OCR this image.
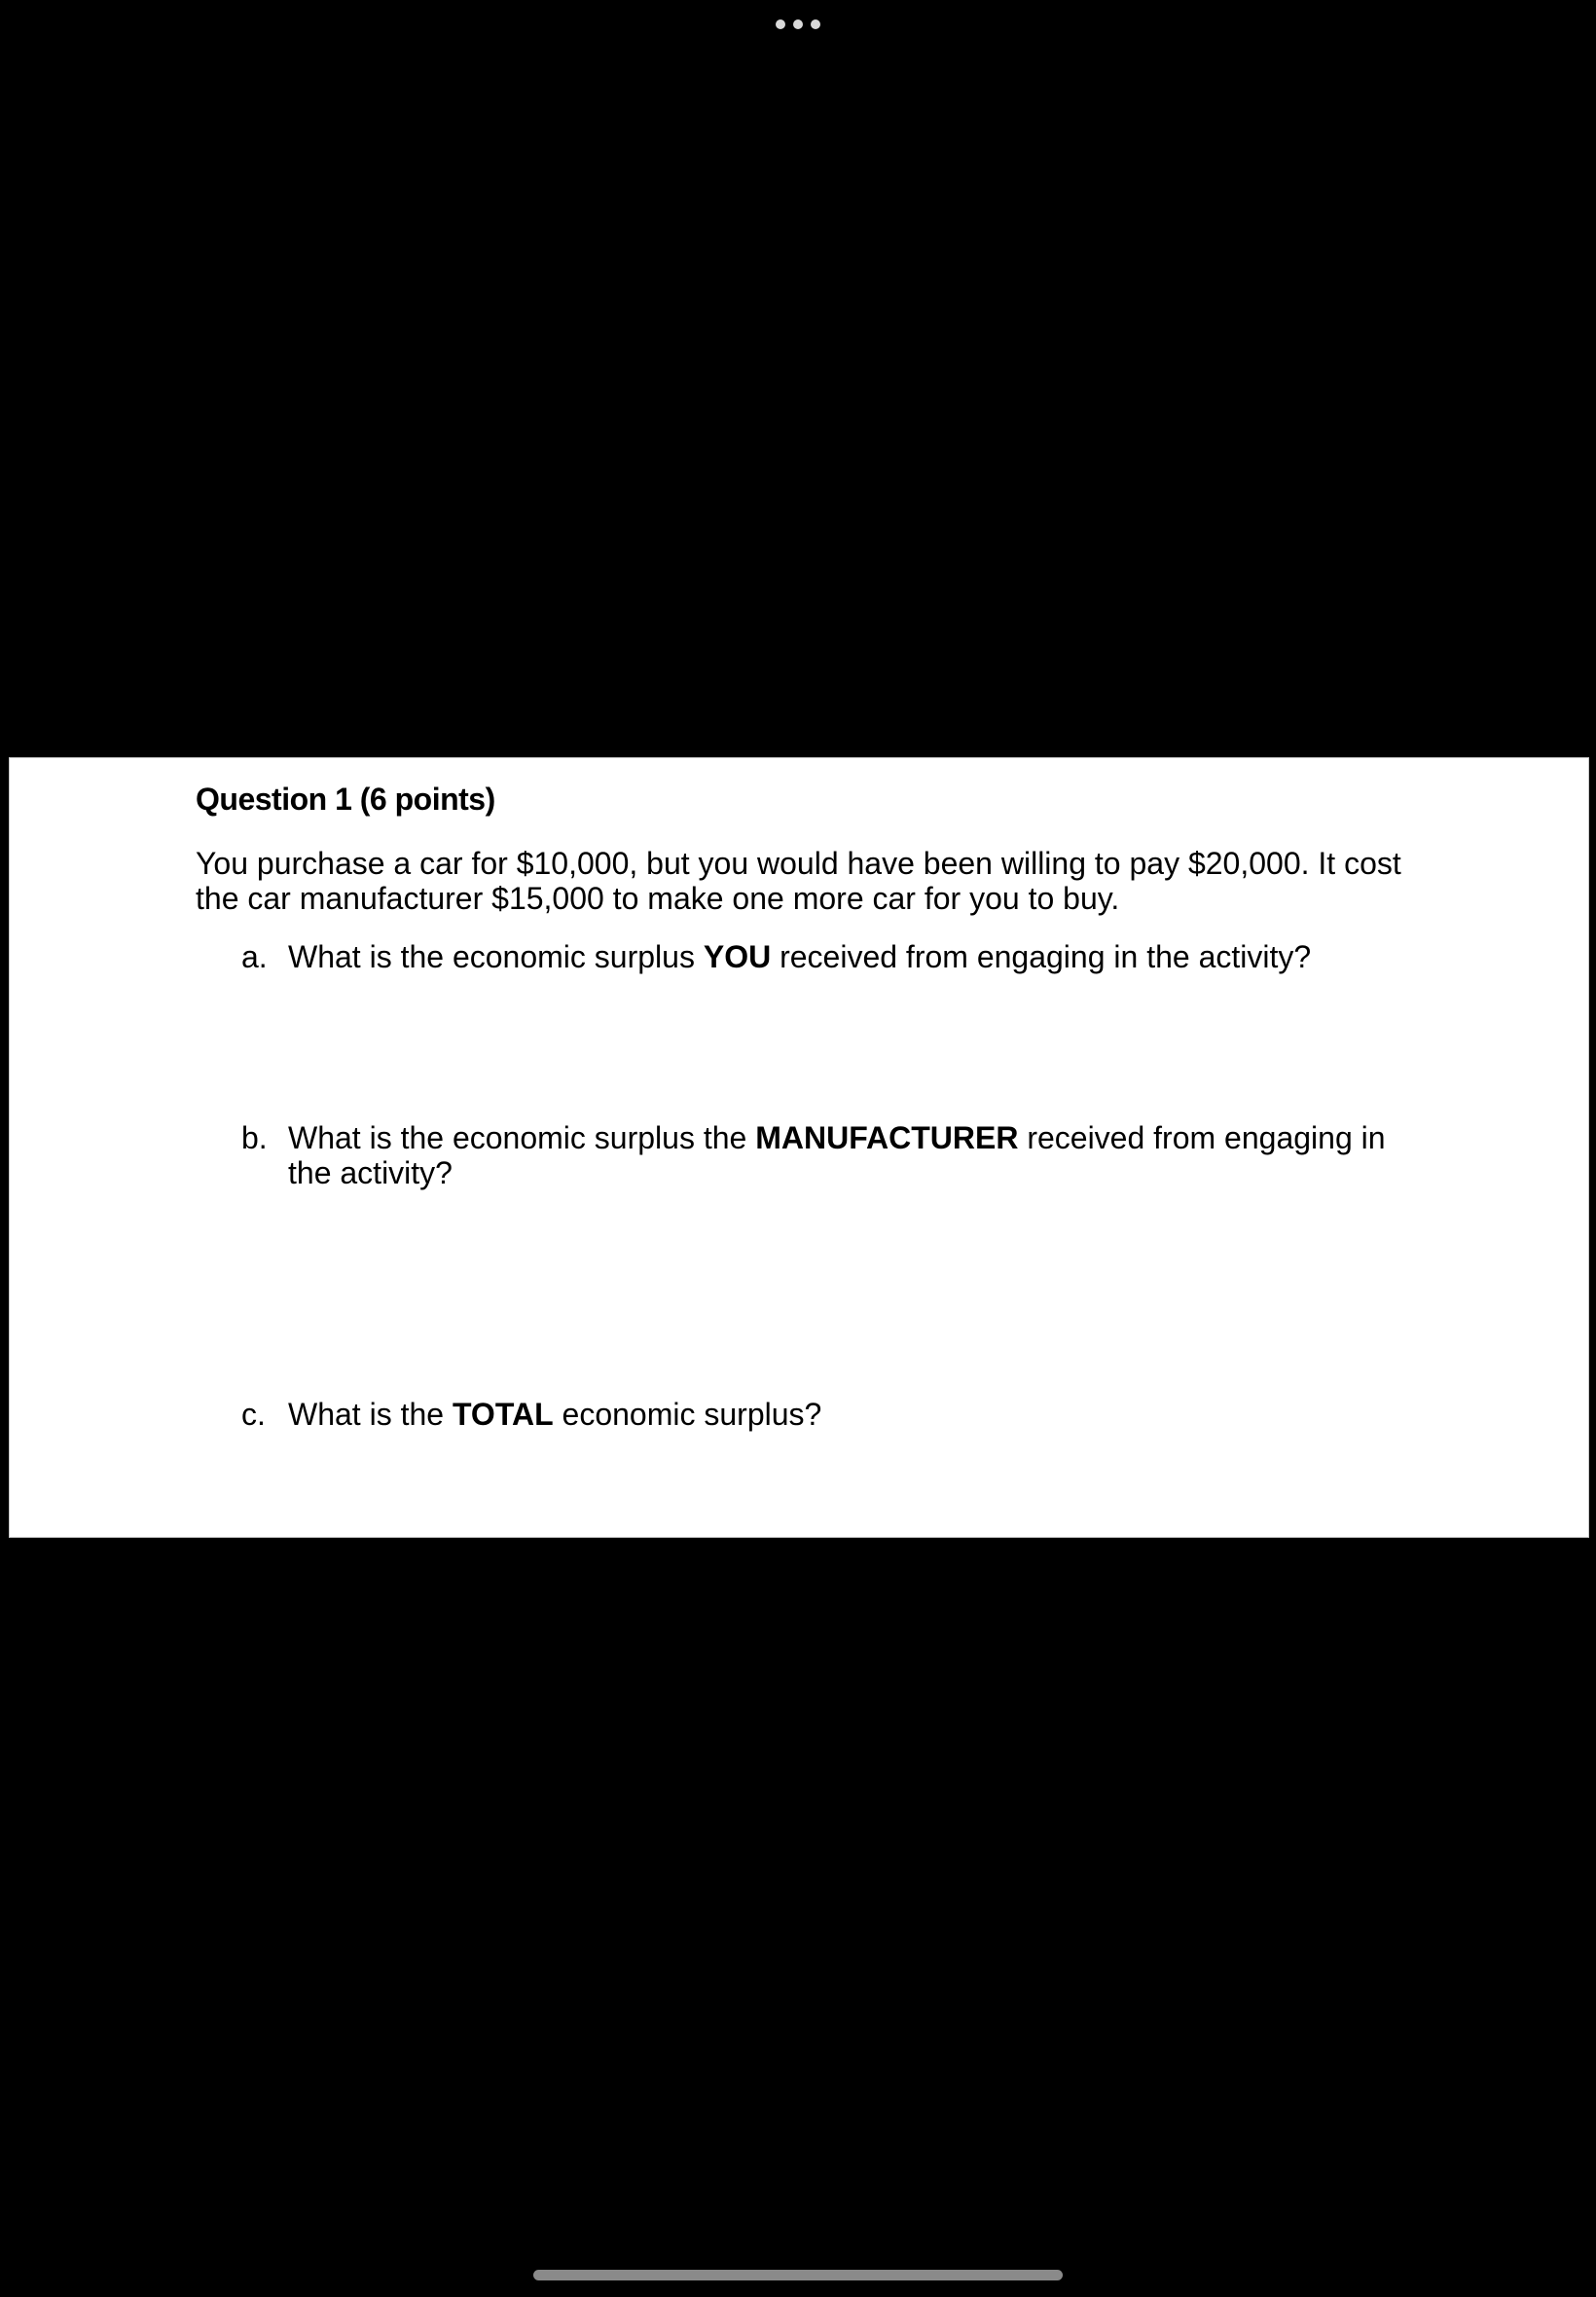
Question 1 (6 points)

You purchase a car for $10,000, but you would have been willing to pay $20,000. It cost the car manufacturer $15,000 to make one more car for you to buy.

a. What is the economic surplus YOU received from engaging in the activity?
b. What is the economic surplus the MANUFACTURER received from engaging in the activity?
c. What is the TOTAL economic surplus?
